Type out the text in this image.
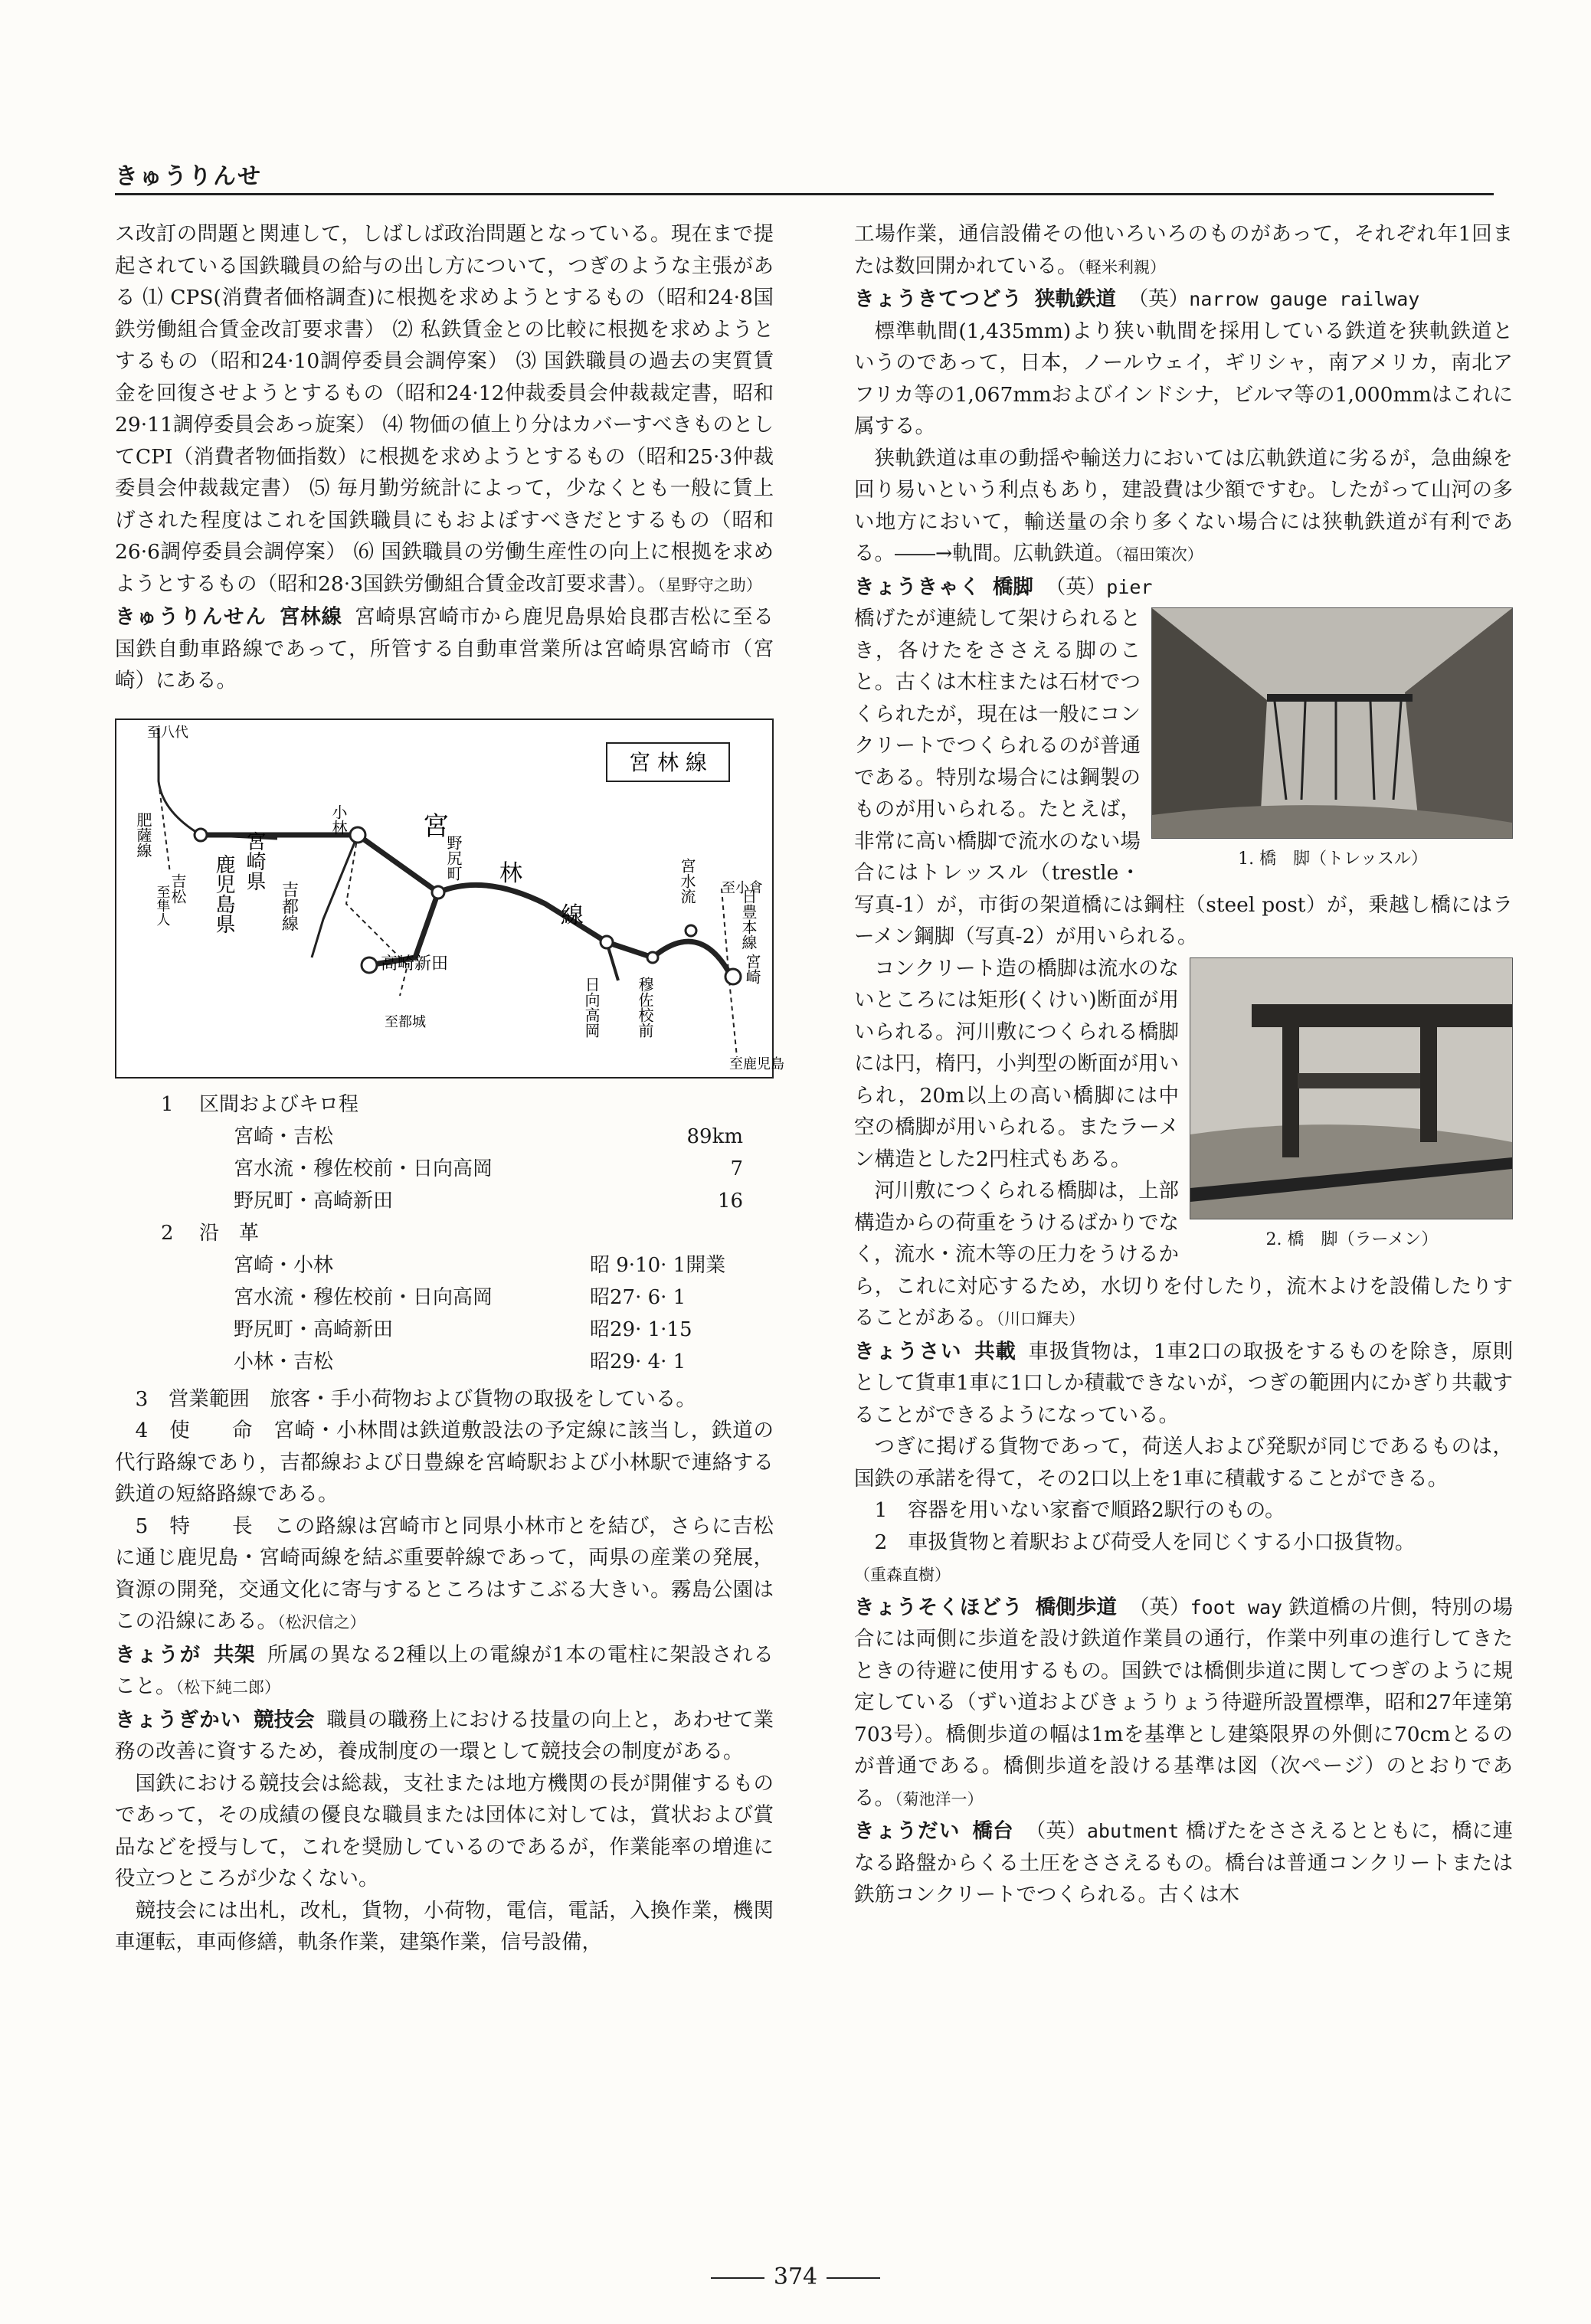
きゅうりんせ

ス改訂の問題と関連して，しばしば政治問題となっている。現在まで提起されている国鉄職員の給与の出し方について，つぎのような主張がある ⑴ CPS(消費者価格調査)に根拠を求めようとするもの（昭和24·8国鉄労働組合賃金改訂要求書） ⑵ 私鉄賃金との比較に根拠を求めようとするもの（昭和24·10調停委員会調停案） ⑶ 国鉄職員の過去の実質賃金を回復させようとするもの（昭和24·12仲裁委員会仲裁裁定書，昭和29·11調停委員会あっ旋案） ⑷ 物価の値上り分はカバーすべきものとしてCPI（消費者物価指数）に根拠を求めようとするもの（昭和25·3仲裁委員会仲裁裁定書） ⑸ 毎月勤労統計によって，少なくとも一般に賃上げされた程度はこれを国鉄職員にもおよぼすべきだとするもの（昭和26·6調停委員会調停案） ⑹ 国鉄職員の労働生産性の向上に根拠を求めようとするもの（昭和28·3国鉄労働組合賃金改訂要求書）。（星野守之助）

きゅうりんせん 宮林線 宮崎県宮崎市から鹿児島県姶良郡吉松に至る国鉄自動車路線であって，所管する自動車営業所は宮崎県宮崎市（宮崎）にある。

宮 林 線
至八代
吉松
小林
野尻町
高崎新田
日向高岡 穆佐校前
宮水流
宮崎
宮
林
線
吉都線	日豊本線
肥薩線
鹿児島県 宮崎県
至隼人
至都城
至小倉
至鹿児島
1	区間およびキロ程	
	宮崎・吉松	89km
	宮水流・穆佐校前・日向高岡	7
	野尻町・高崎新田	16
2	沿　革	
	宮崎・小林	昭 9·10· 1開業
	宮水流・穆佐校前・日向高岡	昭27· 6· 1
	野尻町・高崎新田	昭29· 1·15
	小林・吉松	昭29· 4· 1

3　営業範囲　旅客・手小荷物および貨物の取扱をしている。

4　使　　命　宮崎・小林間は鉄道敷設法の予定線に該当し，鉄道の代行路線であり，吉都線および日豊線を宮崎駅および小林駅で連絡する鉄道の短絡路線である。

5　特　　長　この路線は宮崎市と同県小林市とを結び，さらに吉松に通じ鹿児島・宮崎両線を結ぶ重要幹線であって，両県の産業の発展，資源の開発，交通文化に寄与するところはすこぶる大きい。霧島公園はこの沿線にある。（松沢信之）

きょうが 共架 所属の異なる2種以上の電線が1本の電柱に架設されること。（松下純二郎）

きょうぎかい 競技会 職員の職務上における技量の向上と，あわせて業務の改善に資するため，養成制度の一環として競技会の制度がある。

国鉄における競技会は総裁，支社または地方機関の長が開催するものであって，その成績の優良な職員または団体に対しては，賞状および賞品などを授与して，これを奨励しているのであるが，作業能率の増進に役立つところが少なくない。

競技会には出札，改札，貨物，小荷物，電信，電話，入換作業，機関車運転，車両修繕，軌条作業，建築作業，信号設備，

工場作業，通信設備その他いろいろのものがあって，それぞれ年1回または数回開かれている。（軽米利親）

きょうきてつどう 狭軌鉄道 （英）narrow gauge railway

標準軌間(1,435mm)より狭い軌間を採用している鉄道を狭軌鉄道というのであって，日本，ノールウェイ，ギリシャ，南アメリカ，南北アフリカ等の1,067mmおよびインドシナ，ビルマ等の1,000mmはこれに属する。

狭軌鉄道は車の動揺や輸送力においては広軌鉄道に劣るが，急曲線を回り易いという利点もあり，建設費は少額ですむ。したがって山河の多い地方において，輸送量の余り多くない場合には狭軌鉄道が有利である。――→軌間。広軌鉄道。（福田策次）

きょうきゃく 橋脚 （英）pier

1. 橋　脚（トレッスル）

橋げたが連続して架けられるとき，各けたをささえる脚のこと。古くは木柱または石材でつくられたが，現在は一般にコンクリートでつくられるのが普通である。特別な場合には鋼製のものが用いられる。たとえば，非常に高い橋脚で流水のない場合にはトレッスル（trestle・写真-1）が，市街の架道橋には鋼柱（steel post）が，乗越し橋にはラーメン鋼脚（写真-2）が用いられる。

2. 橋　脚（ラーメン）

コンクリート造の橋脚は流水のないところには矩形(くけい)断面が用いられる。河川敷につくられる橋脚には円，楕円，小判型の断面が用いられ，20m以上の高い橋脚には中空の橋脚が用いられる。またラーメン構造とした2円柱式もある。

河川敷につくられる橋脚は，上部構造からの荷重をうけるばかりでなく，流水・流木等の圧力をうけるから，これに対応するため，水切りを付したり，流木よけを設備したりすることがある。（川口輝夫）

きょうさい 共載 車扱貨物は，1車2口の取扱をするものを除き，原則として貨車1車に1口しか積載できないが，つぎの範囲内にかぎり共載することができるようになっている。

つぎに掲げる貨物であって，荷送人および発駅が同じであるものは，国鉄の承諾を得て，その2口以上を1車に積載することができる。

1　容器を用いない家畜で順路2駅行のもの。

2　車扱貨物と着駅および荷受人を同じくする小口扱貨物。

（重森直樹）

きょうそくほどう 橋側歩道 （英）foot way 鉄道橋の片側，特別の場合には両側に歩道を設け鉄道作業員の通行，作業中列車の進行してきたときの待避に使用するもの。国鉄では橋側歩道に関してつぎのように規定している（ずい道およびきょうりょう待避所設置標準，昭和27年達第703号）。橋側歩道の幅は1mを基準とし建築限界の外側に70cmとるのが普通である。橋側歩道を設ける基準は図（次ページ）のとおりである。（菊池洋一）

きょうだい 橋台 （英）abutment 橋げたをささえるとともに，橋に連なる路盤からくる土圧をささえるもの。橋台は普通コンクリートまたは鉄筋コンクリートでつくられる。古くは木

374
